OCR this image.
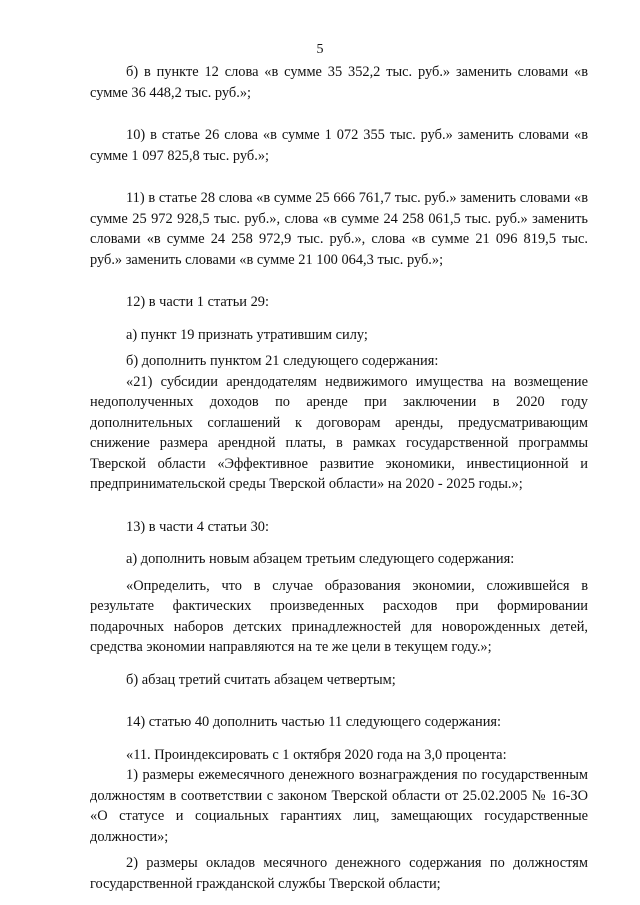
5

б) в пункте 12 слова «в сумме 35 352,2 тыс. руб.» заменить словами «в сумме 36 448,2 тыс. руб.»;

10) в статье 26 слова «в сумме 1 072 355 тыс. руб.» заменить словами «в сумме 1 097 825,8 тыс. руб.»;

11) в статье 28 слова «в сумме 25 666 761,7 тыс. руб.» заменить словами «в сумме 25 972 928,5 тыс. руб.», слова «в сумме 24 258 061,5 тыс. руб.» заменить словами «в сумме 24 258 972,9 тыс. руб.», слова «в сумме 21 096 819,5 тыс. руб.» заменить словами «в сумме 21 100 064,3 тыс. руб.»;

12) в части 1 статьи 29:

а) пункт 19 признать утратившим силу;

б) дополнить пунктом 21 следующего содержания:

«21) субсидии арендодателям недвижимого имущества на возмещение недополученных доходов по аренде при заключении в 2020 году дополнительных соглашений к договорам аренды, предусматривающим снижение размера арендной платы, в рамках государственной программы Тверской области «Эффективное развитие экономики, инвестиционной и предпринимательской среды Тверской области» на 2020 - 2025 годы.»;

13) в части 4 статьи 30:

а) дополнить новым абзацем третьим следующего содержания:

«Определить, что в случае образования экономии, сложившейся в результате фактических произведенных расходов при формировании подарочных наборов детских принадлежностей для новорожденных детей, средства экономии направляются на те же цели в текущем году.»;

б) абзац третий считать абзацем четвертым;

14) статью 40 дополнить частью 11 следующего содержания:

«11. Проиндексировать с 1 октября 2020 года на 3,0 процента:

1) размеры ежемесячного денежного вознаграждения по государственным должностям в соответствии с законом Тверской области от 25.02.2005 № 16-ЗО «О статусе и социальных гарантиях лиц, замещающих государственные должности»;

2) размеры окладов месячного денежного содержания по должностям государственной гражданской службы Тверской области;
